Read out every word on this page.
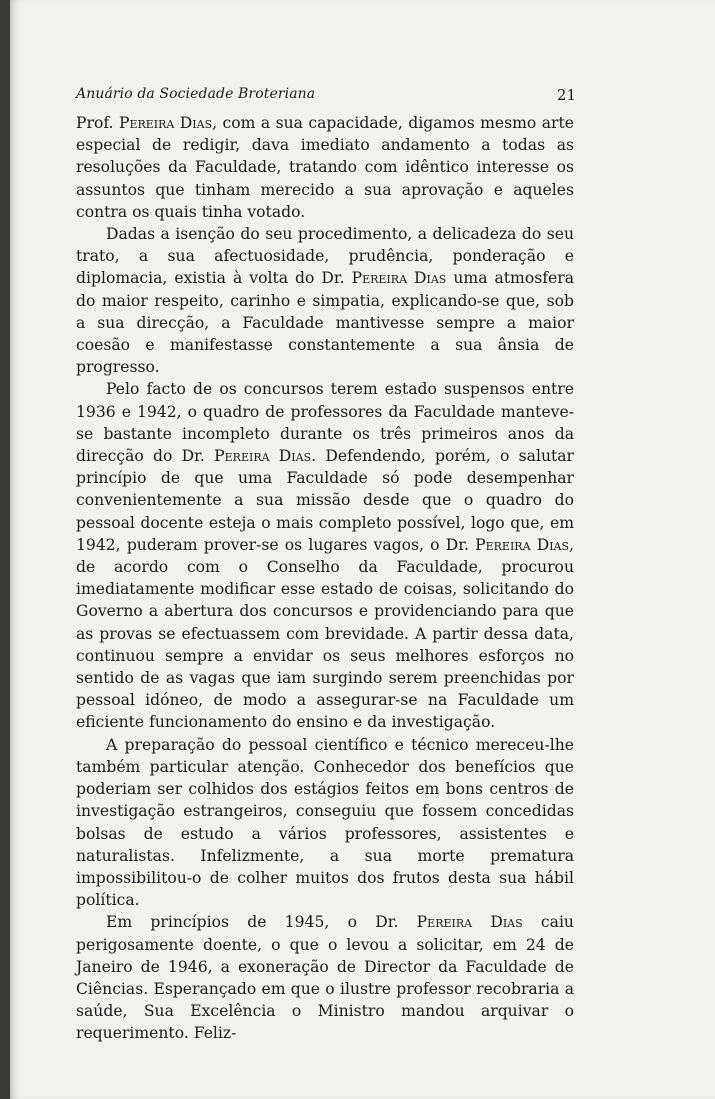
Anuário da Sociedade Broteriana	21

Prof. Pereira Dias, com a sua capacidade, digamos mesmo arte especial de redigir, dava imediato andamento a todas as resoluções da Faculdade, tratando com idêntico interesse os assuntos que tinham merecido a sua aprovação e aqueles contra os quais tinha votado.

Dadas a isenção do seu procedimento, a delicadeza do seu trato, a sua afectuosidade, prudência, ponderação e diplomacia, existia à volta do Dr. Pereira Dias uma atmosfera do maior respeito, carinho e simpatia, explicando-se que, sob a sua direcção, a Faculdade mantivesse sempre a maior coesão e manifestasse constantemente a sua ânsia de progresso.

Pelo facto de os concursos terem estado suspensos entre 1936 e 1942, o quadro de professores da Faculdade manteve-se bastante incompleto durante os três primeiros anos da direcção do Dr. Pereira Dias. Defendendo, porém, o salutar princípio de que uma Faculdade só pode desempenhar convenientemente a sua missão desde que o quadro do pessoal docente esteja o mais completo possível, logo que, em 1942, puderam prover-se os lugares vagos, o Dr. Pereira Dias, de acordo com o Conselho da Faculdade, procurou imediatamente modificar esse estado de coisas, solicitando do Governo a abertura dos concursos e providenciando para que as provas se efectuassem com brevidade. A partir dessa data, continuou sempre a envidar os seus melhores esforços no sentido de as vagas que iam surgindo serem preenchidas por pessoal idóneo, de modo a assegurar-se na Faculdade um eficiente funcionamento do ensino e da investigação.

A preparação do pessoal científico e técnico mereceu-lhe também particular atenção. Conhecedor dos benefícios que poderiam ser colhidos dos estágios feitos em bons centros de investigação estrangeiros, conseguiu que fossem concedidas bolsas de estudo a vários professores, assistentes e naturalistas. Infelizmente, a sua morte prematura impossibilitou-o de colher muitos dos frutos desta sua hábil política.

Em princípios de 1945, o Dr. Pereira Dias caiu perigosamente doente, o que o levou a solicitar, em 24 de Janeiro de 1946, a exoneração de Director da Faculdade de Ciências. Esperançado em que o ilustre professor recobraria a saúde, Sua Excelência o Ministro mandou arquivar o requerimento. Feliz-
